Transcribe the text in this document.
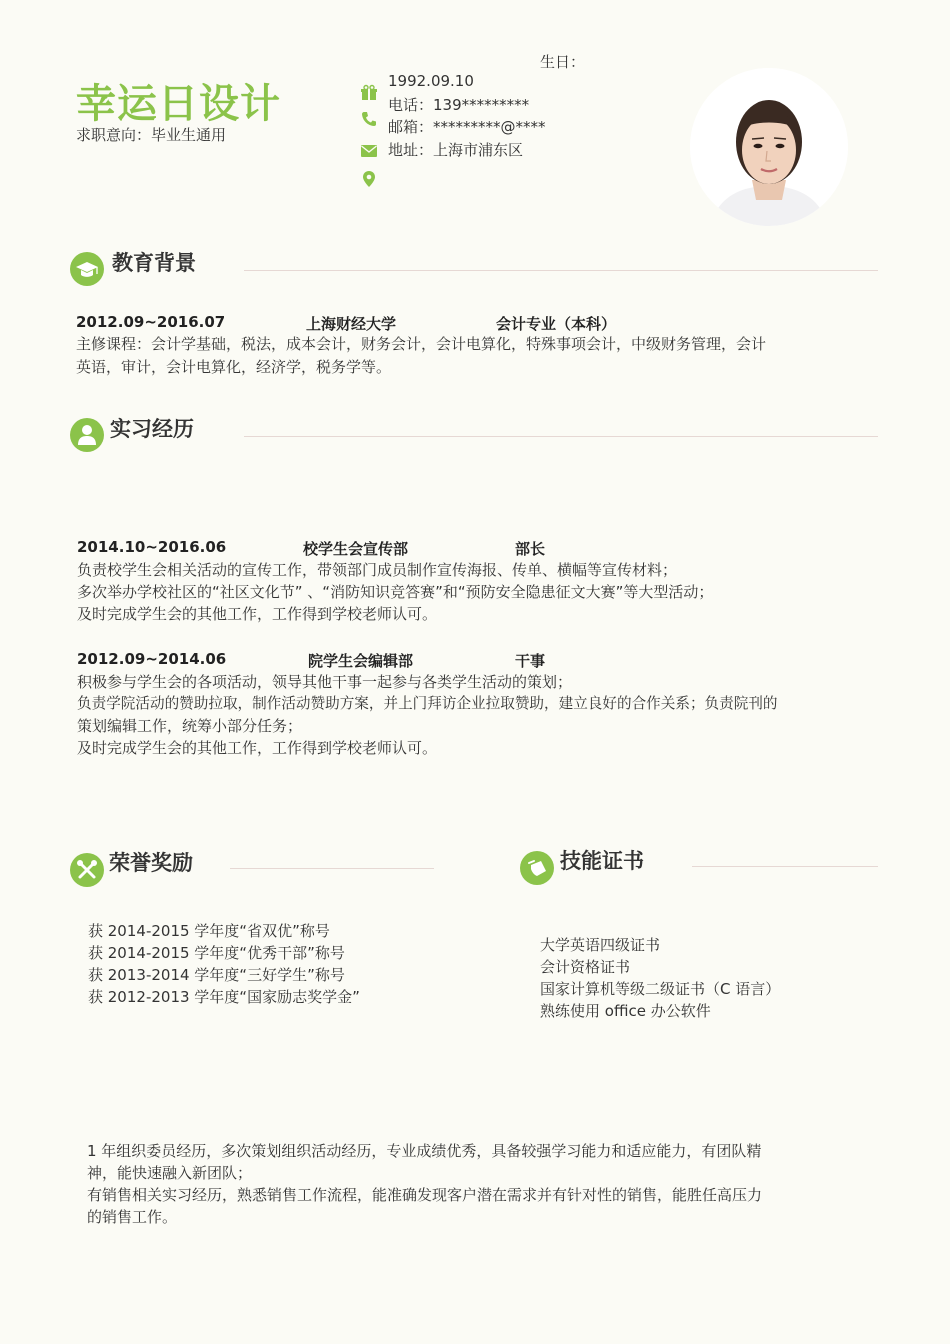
幸运日设计
求职意向：毕业生通用
生日：
1992.09.10
电话：139*********
邮箱：*********@****
地址：上海市浦东区
教育背景
2012.09~2016.07	上海财经大学	会计专业（本科）
主修课程：会计学基础，税法，成本会计，财务会计，会计电算化，特殊事项会计，中级财务管理，会计
英语，审计，会计电算化，经济学，税务学等。
实习经历
2014.10~2016.06	校学生会宣传部	部长
负责校学生会相关活动的宣传工作，带领部门成员制作宣传海报、传单、横幅等宣传材料；
多次举办学校社区的“社区文化节” 、“消防知识竞答赛”和“预防安全隐患征文大赛”等大型活动；
及时完成学生会的其他工作，工作得到学校老师认可。
2012.09~2014.06	院学生会编辑部	干事
积极参与学生会的各项活动，领导其他干事一起参与各类学生活动的策划；
负责学院活动的赞助拉取，制作活动赞助方案，并上门拜访企业拉取赞助，建立良好的合作关系；负责院刊的
策划编辑工作，统筹小部分任务；
及时完成学生会的其他工作，工作得到学校老师认可。
荣誉奖励
获 2014-2015 学年度“省双优”称号
获 2014-2015 学年度“优秀干部”称号
获 2013-2014 学年度“三好学生”称号
获 2012-2013 学年度“国家励志奖学金”
技能证书
大学英语四级证书
会计资格证书
国家计算机等级二级证书（C 语言）
熟练使用 office 办公软件
1 年组织委员经历，多次策划组织活动经历，专业成绩优秀，具备较强学习能力和适应能力，有团队精
神，能快速融入新团队；
有销售相关实习经历，熟悉销售工作流程，能准确发现客户潜在需求并有针对性的销售，能胜任高压力
的销售工作。
